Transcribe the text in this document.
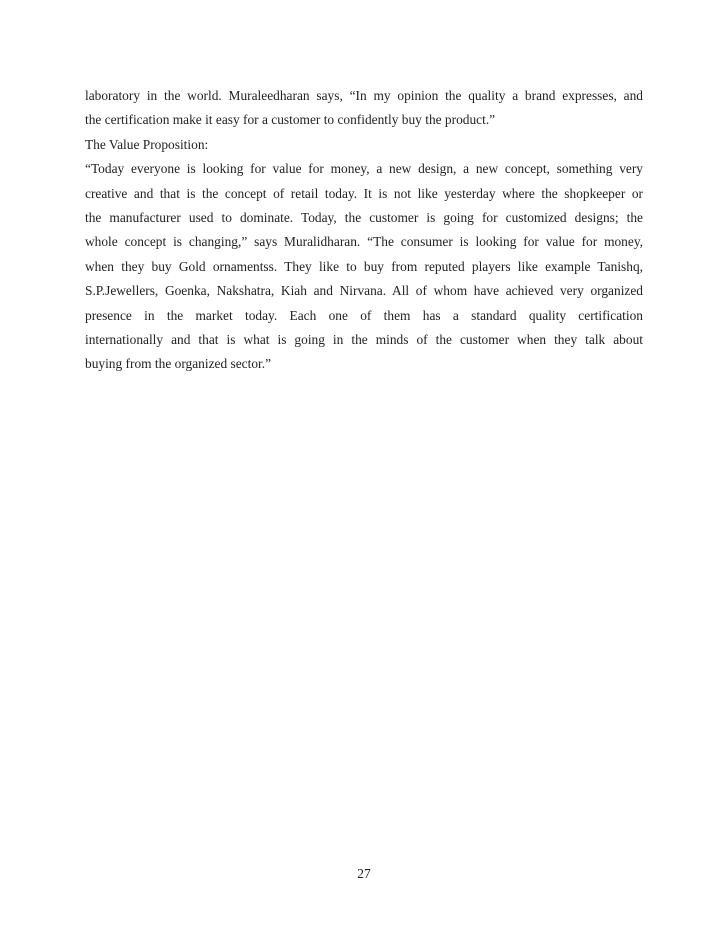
laboratory in the world. Muraleedharan says, “In my opinion the quality a brand expresses, and
the certification make it easy for a customer to confidently buy the product.”

The Value Proposition:

“Today everyone is looking for value for money, a new design, a new concept, something very
creative and that is the concept of retail today. It is not like yesterday where the shopkeeper or
the manufacturer used to dominate. Today, the customer is going for customized designs; the
whole concept is changing,” says Muralidharan. “The consumer is looking for value for money,
when they buy Gold ornamentss. They like to buy from reputed players like example Tanishq,
S.P.Jewellers, Goenka, Nakshatra, Kiah and Nirvana. All of whom have achieved very organized
presence in the market today. Each one of them has a standard quality certification
internationally and that is what is going in the minds of the customer when they talk about
buying from the organized sector.”

27
